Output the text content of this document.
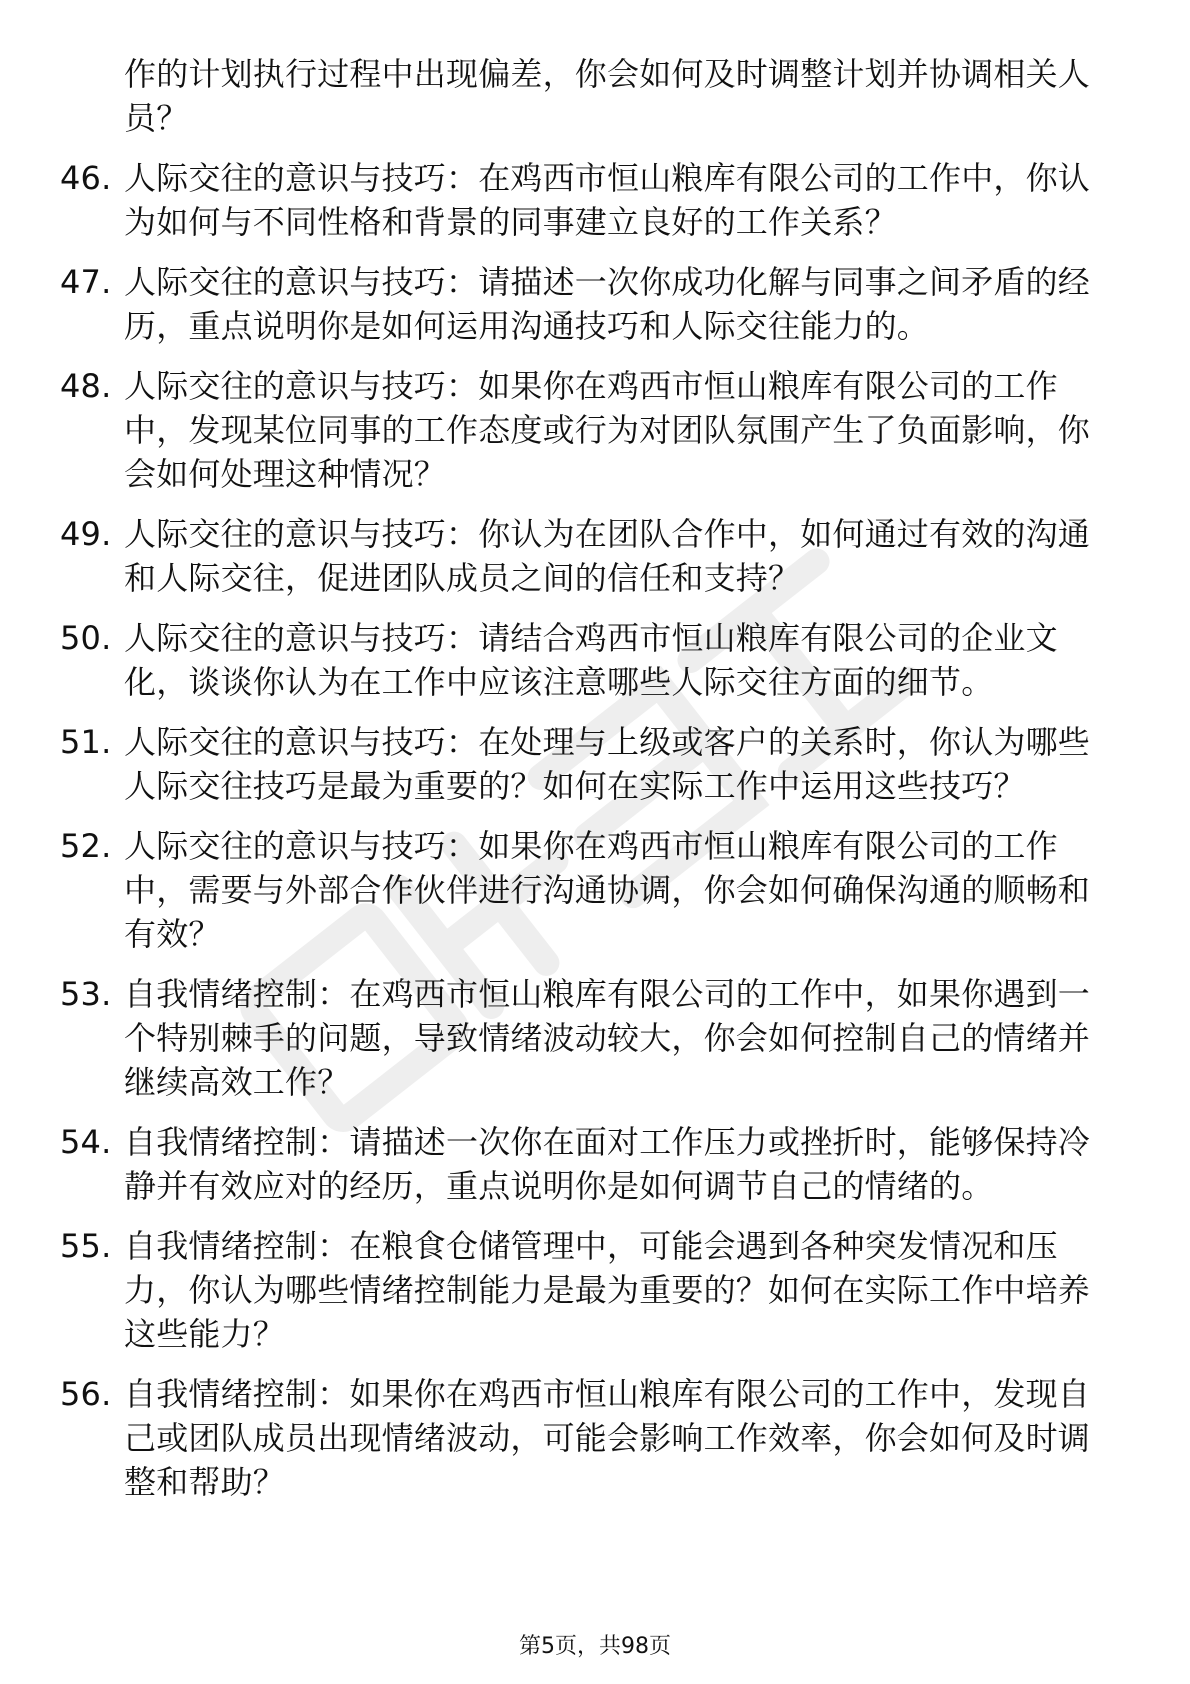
作的计划执行过程中出现偏差，你会如何及时调整计划并协调相关人员？

46. 人际交往的意识与技巧：在鸡西市恒山粮库有限公司的工作中，你认为如何与不同性格和背景的同事建立良好的工作关系？
47. 人际交往的意识与技巧：请描述一次你成功化解与同事之间矛盾的经历，重点说明你是如何运用沟通技巧和人际交往能力的。
48. 人际交往的意识与技巧：如果你在鸡西市恒山粮库有限公司的工作中，发现某位同事的工作态度或行为对团队氛围产生了负面影响，你会如何处理这种情况？
49. 人际交往的意识与技巧：你认为在团队合作中，如何通过有效的沟通和人际交往，促进团队成员之间的信任和支持？
50. 人际交往的意识与技巧：请结合鸡西市恒山粮库有限公司的企业文化，谈谈你认为在工作中应该注意哪些人际交往方面的细节。
51. 人际交往的意识与技巧：在处理与上级或客户的关系时，你认为哪些人际交往技巧是最为重要的？如何在实际工作中运用这些技巧？
52. 人际交往的意识与技巧：如果你在鸡西市恒山粮库有限公司的工作中，需要与外部合作伙伴进行沟通协调，你会如何确保沟通的顺畅和有效？
53. 自我情绪控制：在鸡西市恒山粮库有限公司的工作中，如果你遇到一个特别棘手的问题，导致情绪波动较大，你会如何控制自己的情绪并继续高效工作？
54. 自我情绪控制：请描述一次你在面对工作压力或挫折时，能够保持冷静并有效应对的经历，重点说明你是如何调节自己的情绪的。
55. 自我情绪控制：在粮食仓储管理中，可能会遇到各种突发情况和压力，你认为哪些情绪控制能力是最为重要的？如何在实际工作中培养这些能力？
56. 自我情绪控制：如果你在鸡西市恒山粮库有限公司的工作中，发现自己或团队成员出现情绪波动，可能会影响工作效率，你会如何及时调整和帮助？
第5页，共98页
